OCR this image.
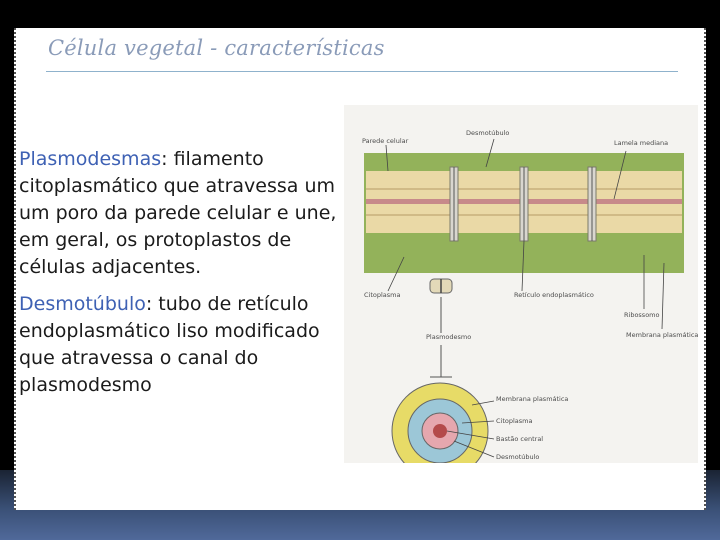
Célula vegetal - características

Plasmodesmas: filamento citoplasmático que atravessa um um poro da parede celular e une, em geral, os protoplastos de células adjacentes.

Desmotúbulo: tubo de retículo endoplasmático liso modificado que atravessa o canal do plasmodesmo

Parede celular
Desmotúbulo
Lamela mediana
Citoplasma	Retículo endoplasmático
Plasmodesmo
Ribossomo
Membrana plasmática
Membrana plasmática
Citoplasma
Bastão central
Desmotúbulo
